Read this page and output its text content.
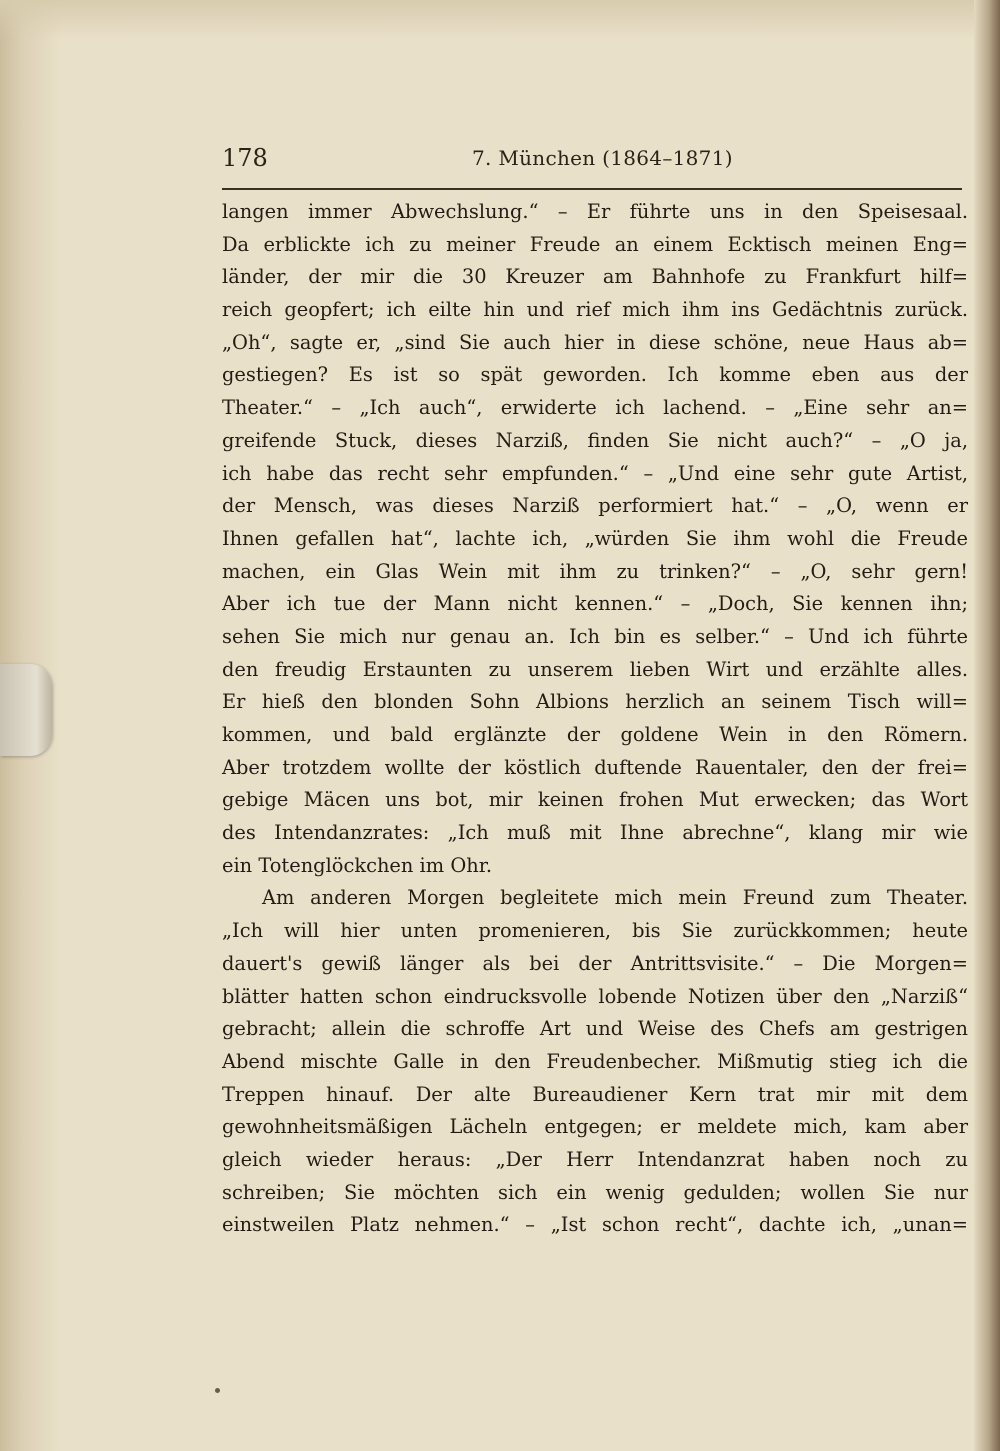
178	7. München (1864–1871)
langen immer Abwechslung.“ – Er führte uns in den Speisesaal.
Da erblickte ich zu meiner Freude an einem Ecktisch meinen Eng=
länder, der mir die 30 Kreuzer am Bahnhofe zu Frankfurt hilf=
reich geopfert; ich eilte hin und rief mich ihm ins Gedächtnis zurück.
„Oh“, sagte er, „sind Sie auch hier in diese schöne, neue Haus ab=
gestiegen? Es ist so spät geworden. Ich komme eben aus der
Theater.“ – „Ich auch“, erwiderte ich lachend. – „Eine sehr an=
greifende Stuck, dieses Narziß, finden Sie nicht auch?“ – „O ja,
ich habe das recht sehr empfunden.“ – „Und eine sehr gute Artist,
der Mensch, was dieses Narziß performiert hat.“ – „O, wenn er
Ihnen gefallen hat“, lachte ich, „würden Sie ihm wohl die Freude
machen, ein Glas Wein mit ihm zu trinken?“ – „O, sehr gern!
Aber ich tue der Mann nicht kennen.“ – „Doch, Sie kennen ihn;
sehen Sie mich nur genau an. Ich bin es selber.“ – Und ich führte
den freudig Erstaunten zu unserem lieben Wirt und erzählte alles.
Er hieß den blonden Sohn Albions herzlich an seinem Tisch will=
kommen, und bald erglänzte der goldene Wein in den Römern.
Aber trotzdem wollte der köstlich duftende Rauentaler, den der frei=
gebige Mäcen uns bot, mir keinen frohen Mut erwecken; das Wort
des Intendanzrates: „Ich muß mit Ihne abrechne“, klang mir wie
ein Totenglöckchen im Ohr.
Am anderen Morgen begleitete mich mein Freund zum Theater.
„Ich will hier unten promenieren, bis Sie zurückkommen; heute
dauert's gewiß länger als bei der Antrittsvisite.“ – Die Morgen=
blätter hatten schon eindrucksvolle lobende Notizen über den „Narziß“
gebracht; allein die schroffe Art und Weise des Chefs am gestrigen
Abend mischte Galle in den Freudenbecher. Mißmutig stieg ich die
Treppen hinauf. Der alte Bureaudiener Kern trat mir mit dem
gewohnheitsmäßigen Lächeln entgegen; er meldete mich, kam aber
gleich wieder heraus: „Der Herr Intendanzrat haben noch zu
schreiben; Sie möchten sich ein wenig gedulden; wollen Sie nur
einstweilen Platz nehmen.“ – „Ist schon recht“, dachte ich, „unan=
